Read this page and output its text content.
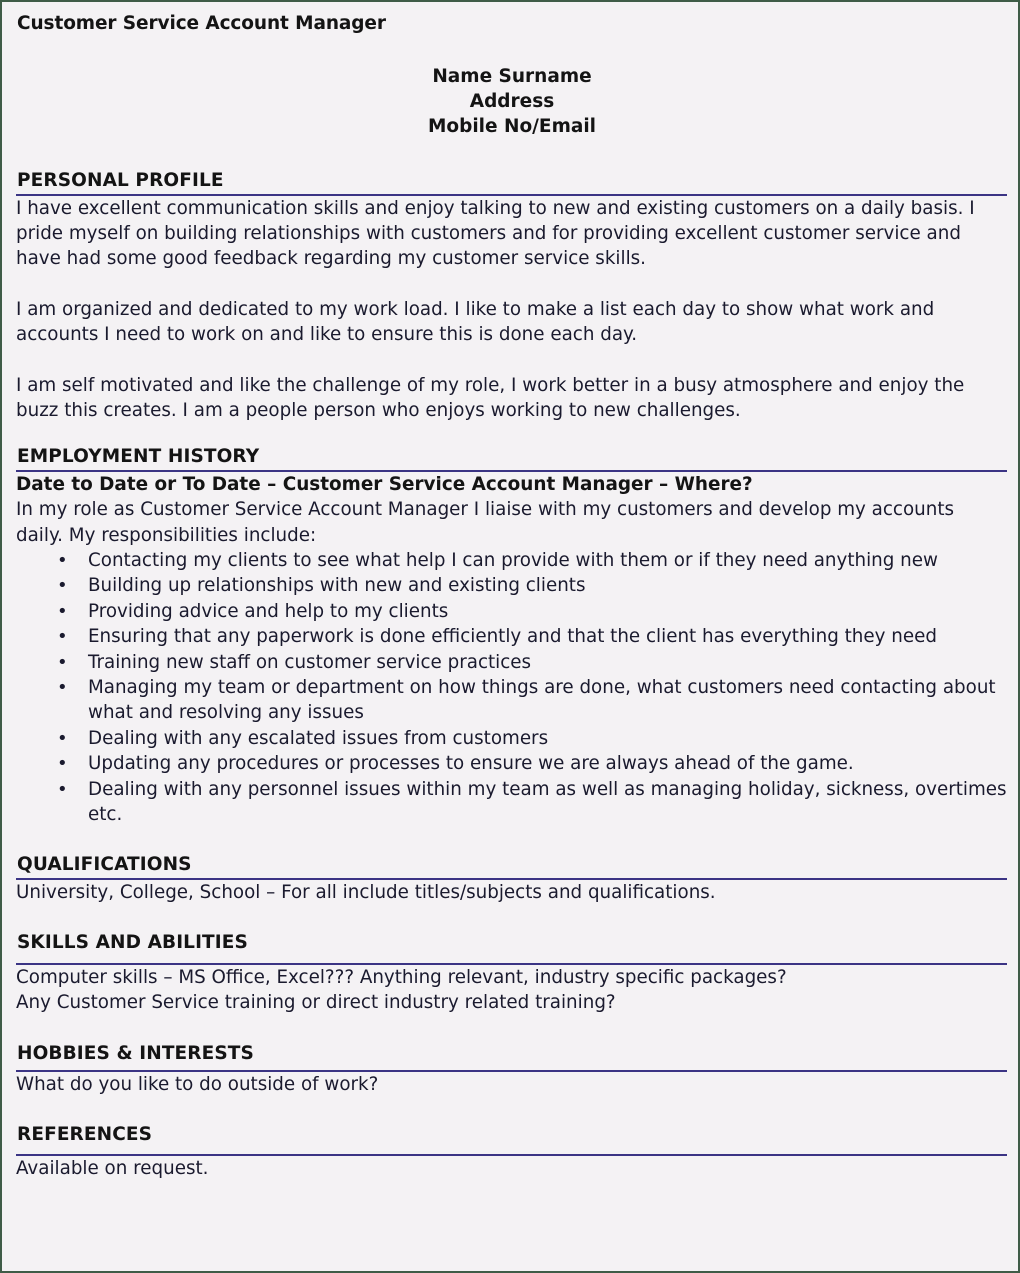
Customer Service Account Manager
Name Surname
Address
Mobile No/Email
PERSONAL PROFILE

I have excellent communication skills and enjoy talking to new and existing customers on a daily basis. I pride myself on building relationships with customers and for providing excellent customer service and have had some good feedback regarding my customer service skills.

I am organized and dedicated to my work load. I like to make a list each day to show what work and accounts I need to work on and like to ensure this is done each day.

I am self motivated and like the challenge of my role, I work better in a busy atmosphere and enjoy the buzz this creates. I am a people person who enjoys working to new challenges.

EMPLOYMENT HISTORY

Date to Date or To Date – Customer Service Account Manager – Where?

In my role as Customer Service Account Manager I liaise with my customers and develop my accounts daily. My responsibilities include:

• Contacting my clients to see what help I can provide with them or if they need anything new
• Building up relationships with new and existing clients
• Providing advice and help to my clients
• Ensuring that any paperwork is done efficiently and that the client has everything they need
• Training new staff on customer service practices
• Managing my team or department on how things are done, what customers need contacting about what and resolving any issues
• Dealing with any escalated issues from customers
• Updating any procedures or processes to ensure we are always ahead of the game.
• Dealing with any personnel issues within my team as well as managing holiday, sickness, overtimes etc.
QUALIFICATIONS

University, College, School – For all include titles/subjects and qualifications.

SKILLS AND ABILITIES

Computer skills – MS Office, Excel??? Anything relevant, industry specific packages?

Any Customer Service training or direct industry related training?

HOBBIES & INTERESTS

What do you like to do outside of work?

REFERENCES

Available on request.
